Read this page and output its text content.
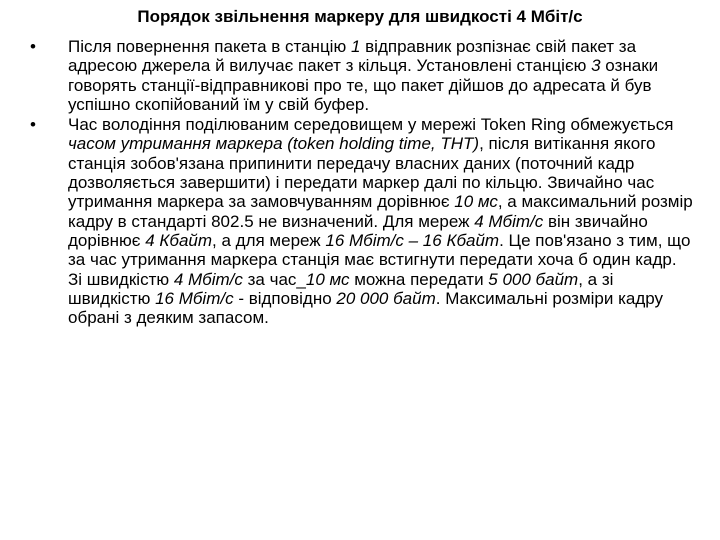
Порядок звільнення маркеру для швидкості 4 Мбіт/с
• Після повернення пакета в станцію 1 відправник розпізнає свій пакет за адресою джерела й вилучає пакет з кільця. Установлені станцією 3 ознаки говорять станції-відправникові про те, що пакет дійшов до адресата й був успішно скопійований їм у свій буфер.
• Час володіння поділюваним середовищем у мережі Token Ring обмежується часом утримання маркера (token holding time, ТНТ), після витікання якого станція зобов'язана припинити передачу власних даних (поточний кадр дозволяється завершити) і передати маркер далі по кільцю. Звичайно час утримання маркера за замовчуванням дорівнює 10 мс, а максимальний розмір кадру в стандарті 802.5 не визначений. Для мереж 4 Мбіт/с він звичайно дорівнює 4 Кбайт, а для мереж 16 Мбіт/с – 16 Кбайт. Це пов'язано з тим, що за час утримання маркера станція має встигнути передати хоча б один кадр. Зі швидкістю 4 Мбіт/с за час_10 мс можна передати 5 000 байт, а зі швидкістю 16 Мбіт/с - відповідно 20 000 байт. Максимальні розміри кадру обрані з деяким запасом.
